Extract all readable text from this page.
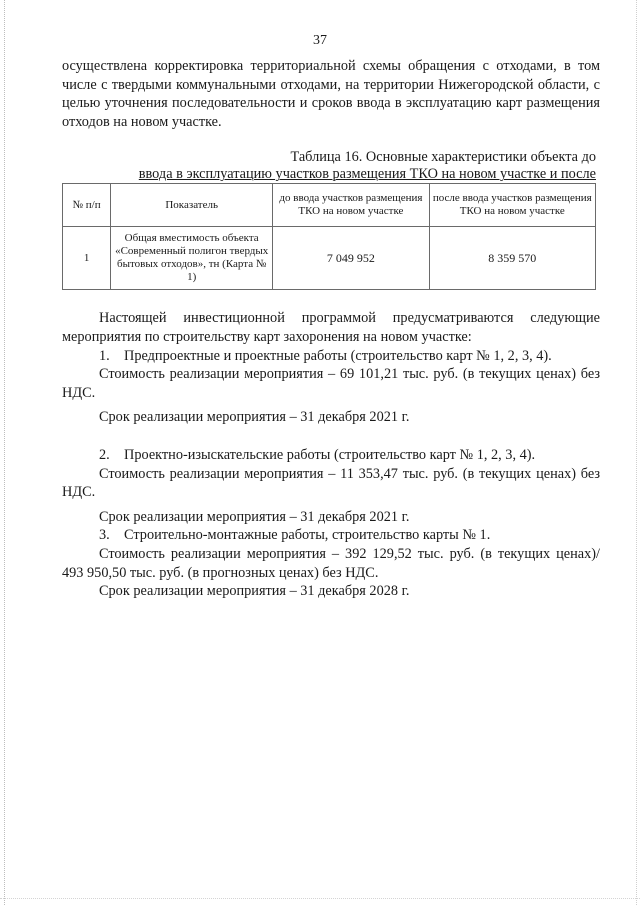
37

осуществлена корректировка территориальной схемы обращения с отходами, в том числе с твердыми коммунальными отходами, на территории Нижегородской области, с целью уточнения последовательности и сроков ввода в эксплуатацию карт размещения отходов на новом участке.

Таблица 16. Основные характеристики объекта до
ввода в эксплуатацию участков размещения ТКО на новом участке и после

№ п/п	Показатель	до ввода участков размещения ТКО на новом участке	после ввода участков размещения ТКО на новом участке
1	Общая вместимость объекта «Современный полигон твердых бытовых отходов», тн (Карта № 1)	7 049 952	8 359 570

Настоящей инвестиционной программой предусматриваются следующие мероприятия по строительству карт захоронения на новом участке:

1. Предпроектные и проектные работы (строительство карт № 1, 2, 3, 4).

Стоимость реализации мероприятия – 69 101,21 тыс. руб. (в текущих ценах) без НДС.

Срок реализации мероприятия – 31 декабря 2021 г.

2. Проектно-изыскательские работы (строительство карт № 1, 2, 3, 4).

Стоимость реализации мероприятия – 11 353,47 тыс. руб. (в текущих ценах) без НДС.

Срок реализации мероприятия – 31 декабря 2021 г.

3. Строительно-монтажные работы, строительство карты № 1.

Стоимость реализации мероприятия – 392 129,52 тыс. руб. (в текущих ценах)/ 493 950,50 тыс. руб. (в прогнозных ценах) без НДС.

Срок реализации мероприятия – 31 декабря 2028 г.
